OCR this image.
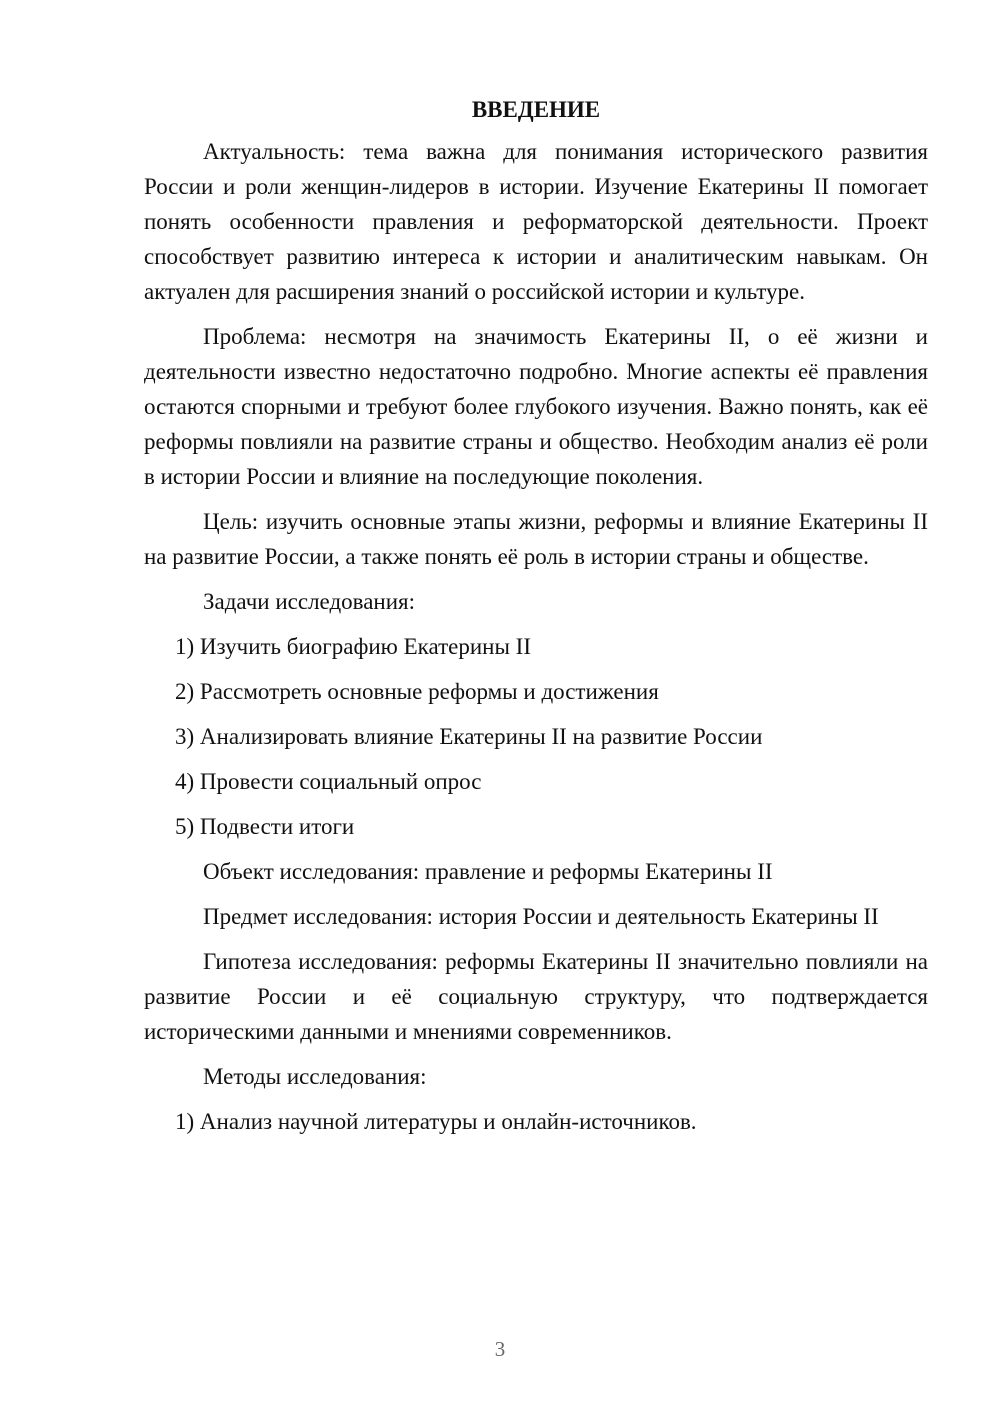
ВВЕДЕНИЕ

Актуальность: тема важна для понимания исторического развития России и роли женщин-лидеров в истории. Изучение Екатерины II помогает понять особенности правления и реформаторской деятельности. Проект способствует развитию интереса к истории и аналитическим навыкам. Он актуален для расширения знаний о российской истории и культуре.

Проблема: несмотря на значимость Екатерины II, о её жизни и деятельности известно недостаточно подробно. Многие аспекты её правления остаются спорными и требуют более глубокого изучения. Важно понять, как её реформы повлияли на развитие страны и общество. Необходим анализ её роли в истории России и влияние на последующие поколения.

Цель: изучить основные этапы жизни, реформы и влияние Екатерины II на развитие России, а также понять её роль в истории страны и обществе.

Задачи исследования:

1) Изучить биографию Екатерины II

2) Рассмотреть основные реформы и достижения

3) Анализировать влияние Екатерины II на развитие России

4) Провести социальный опрос

5) Подвести итоги

Объект исследования: правление и реформы Екатерины II

Предмет исследования: история России и деятельность Екатерины II

Гипотеза исследования: реформы Екатерины II значительно повлияли на развитие России и её социальную структуру, что подтверждается историческими данными и мнениями современников.

Методы исследования:

1) Анализ научной литературы и онлайн-источников.

3
